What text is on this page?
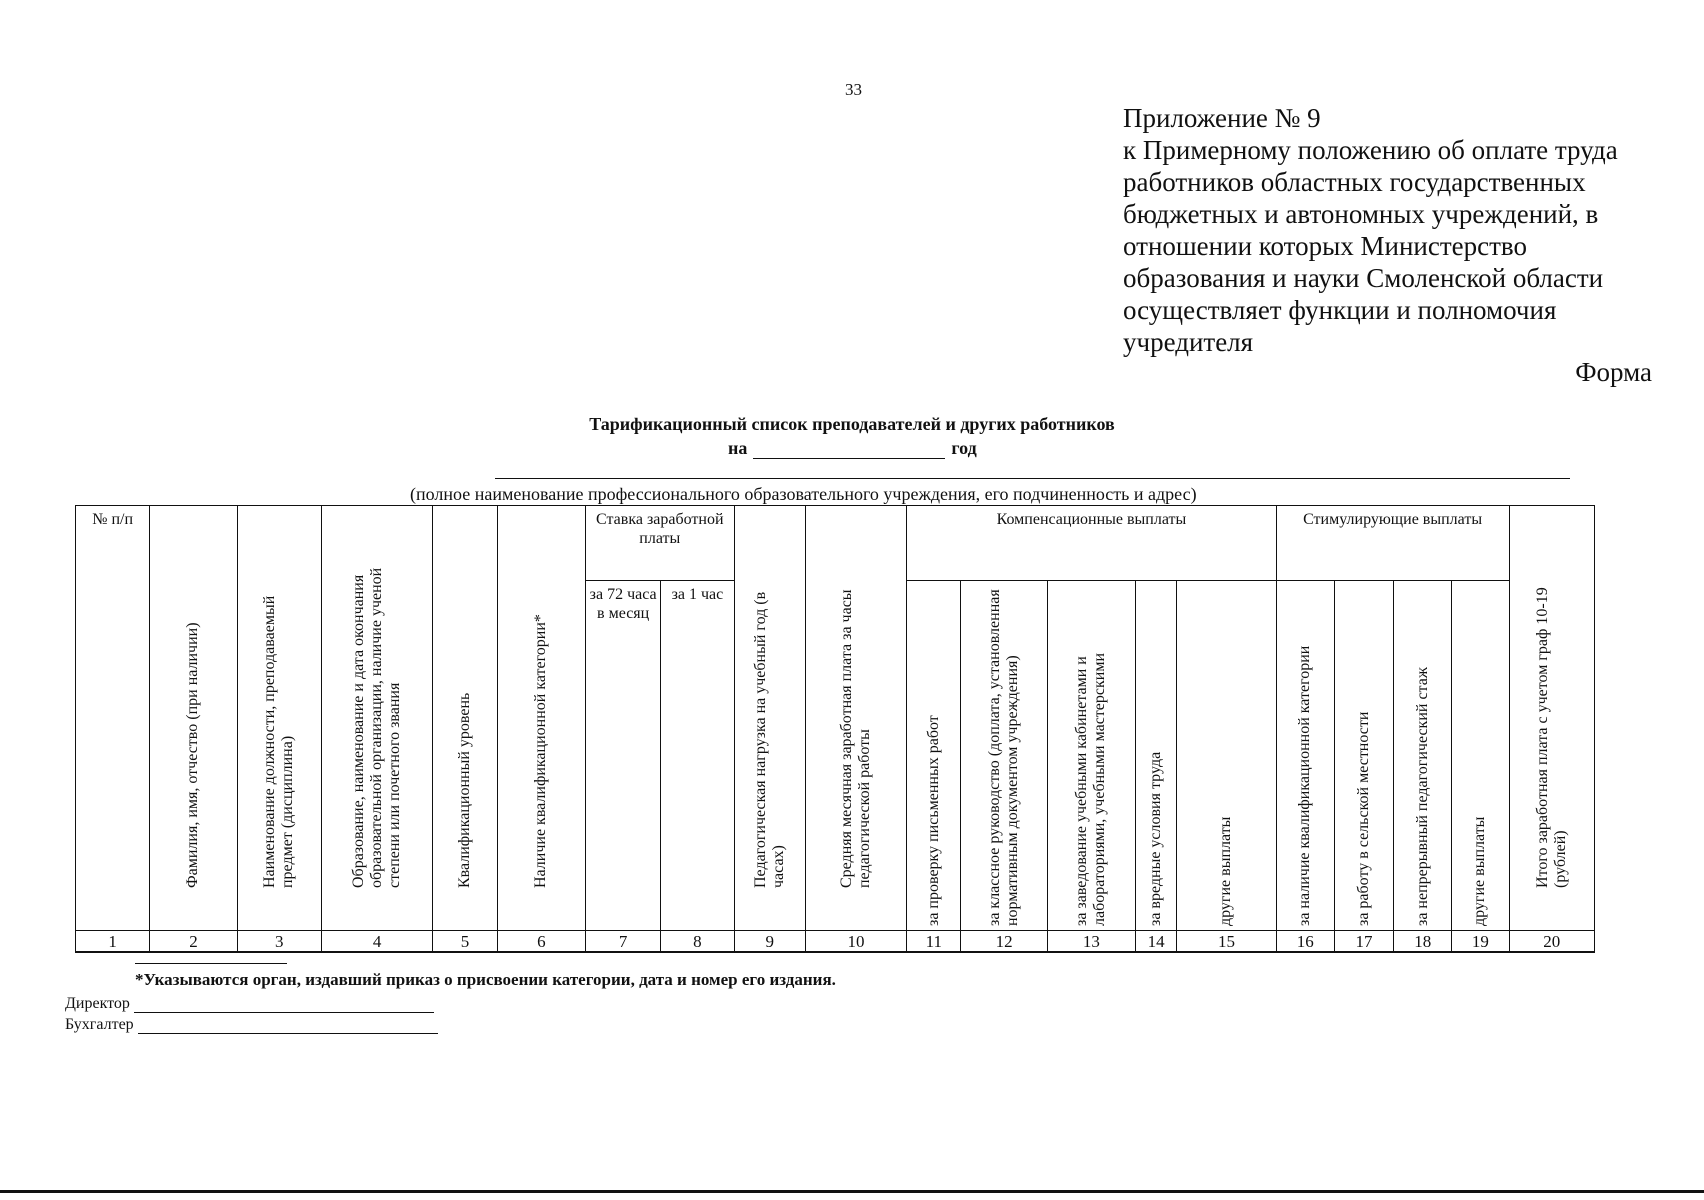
33
Приложение № 9
к Примерному положению об оплате труда
работников областных государственных
бюджетных и автономных учреждений, в
отношении которых Министерство
образования и науки Смоленской области
осуществляет функции и полномочия
учредителя
Форма
Тарификационный список преподавателей и других работников
на	год
(полное наименование профессионального образовательного учреждения, его подчиненность и адрес)
№ п/п	Фамилия, имя, отчество (при наличии)	Наименование должности, преподаваемый предмет (дисциплина)	Образование, наименование и дата окончания образовательной организации, наличие ученой степени или почетного звания	Квалификационный уровень	Наличие квалификационной категории*	Ставка заработной платы		Педагогическая нагрузка на учебный год (в часах)	Средняя месячная заработная плата за часы педагогической работы	Компенсационные выплаты					Стимулирующие выплаты				Итого заработная плата с учетом граф 10-19 (рублей)

						за 72 часа в месяц	за 1 час			за проверку письменных работ	за классное руководство (доплата, установленная нормативным документом учреждения)	за заведование учебными кабинетами и лабораториями, учебными мастерскими	за вредные условия труда	другие выплаты	за наличие квалификационной категории	за работу в сельской местности	за непрерывный педагогический стаж	другие выплаты	

1	2	3	4	5	6	7	8	9	10	11	12	13	14	15	16	17	18	19	20
*Указываются орган, издавший приказ о присвоении категории, дата и номер его издания.
Директор
Бухгалтер
